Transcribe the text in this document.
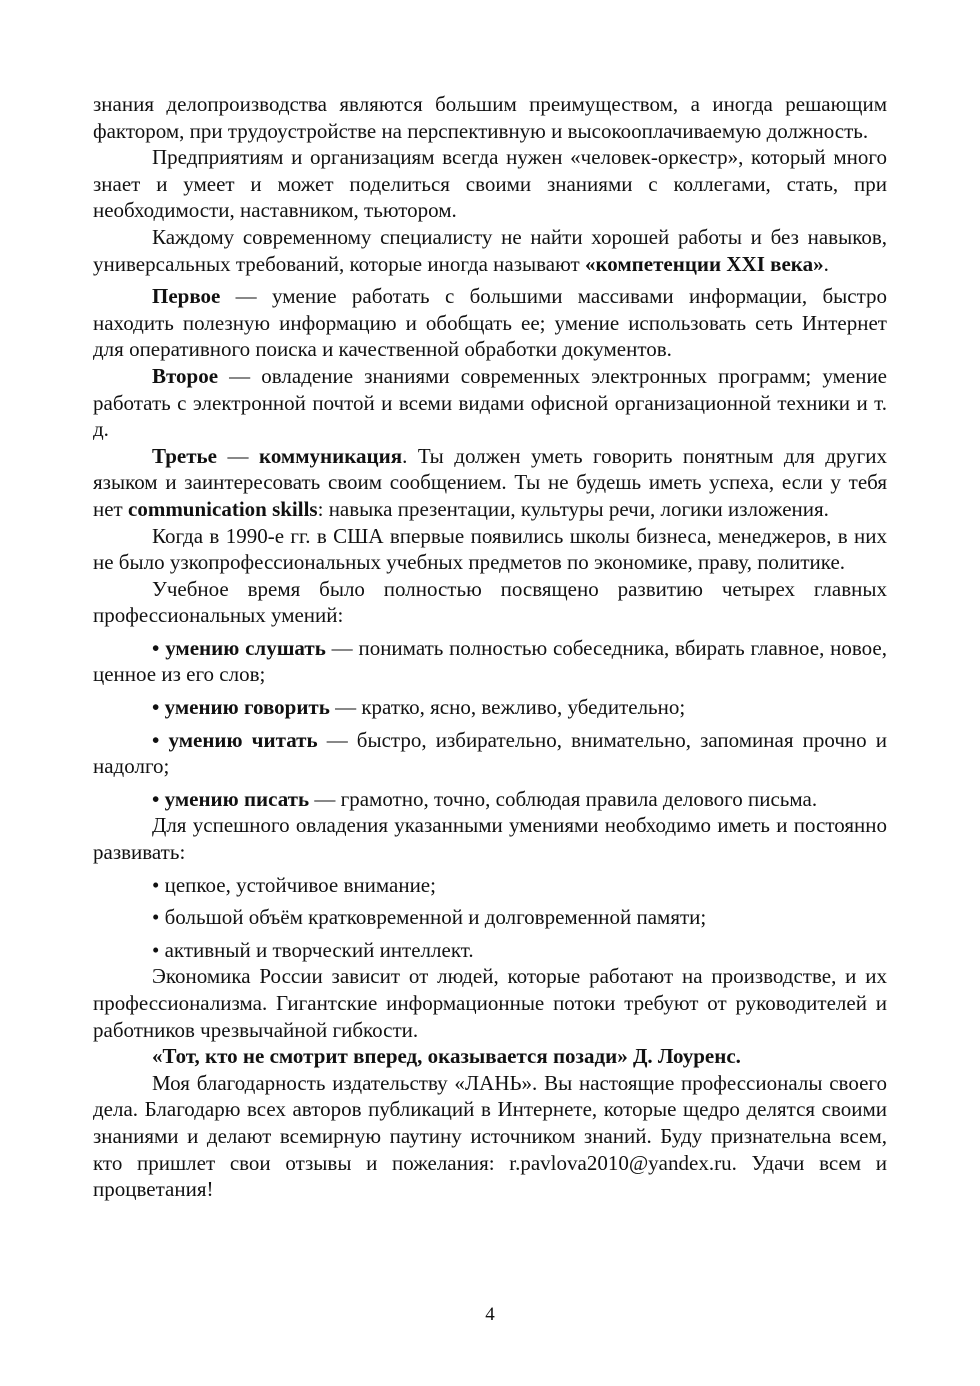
знания делопроизводства являются большим преимуществом, а иногда решающим фактором, при трудоустройстве на перспективную и высокооплачиваемую должность.

Предприятиям и организациям всегда нужен «человек-оркестр», который много знает и умеет и может поделиться своими знаниями с коллегами, стать, при необходимости, наставником, тьютором.

Каждому современному специалисту не найти хорошей работы и без навыков, универсальных требований, которые иногда называют «компетенции XXI века».

Первое — умение работать с большими массивами информации, быстро находить полезную информацию и обобщать ее; умение использовать сеть Интернет для оперативного поиска и качественной обработки документов.

Второе — овладение знаниями современных электронных программ; умение работать с электронной почтой и всеми видами офисной организационной техники и т. д.

Третье — коммуникация. Ты должен уметь говорить понятным для других языком и заинтересовать своим сообщением. Ты не будешь иметь успеха, если у тебя нет communication skills: навыка презентации, культуры речи, логики изложения.

Когда в 1990-е гг. в США впервые появились школы бизнеса, менеджеров, в них не было узкопрофессиональных учебных предметов по экономике, праву, политике.

Учебное время было полностью посвящено развитию четырех главных профессиональных умений:

• умению слушать — понимать полностью собеседника, вбирать главное, новое, ценное из его слов;

• умению говорить — кратко, ясно, вежливо, убедительно;

• умению читать — быстро, избирательно, внимательно, запоминая прочно и надолго;

• умению писать — грамотно, точно, соблюдая правила делового письма.

Для успешного овладения указанными умениями необходимо иметь и постоянно развивать:

• цепкое, устойчивое внимание;

• большой объём кратковременной и долговременной памяти;

• активный и творческий интеллект.

Экономика России зависит от людей, которые работают на производстве, и их профессионализма. Гигантские информационные потоки требуют от руководителей и работников чрезвычайной гибкости.

«Тот, кто не смотрит вперед, оказывается позади» Д. Лоуренс.

Моя благодарность издательству «ЛАНЬ». Вы настоящие профессионалы своего дела. Благодарю всех авторов публикаций в Интернете, которые щедро делятся своими знаниями и делают всемирную паутину источником знаний. Буду признательна всем, кто пришлет свои отзывы и пожелания: r.pavlova2010@yandex.ru. Удачи всем и процветания!

4
